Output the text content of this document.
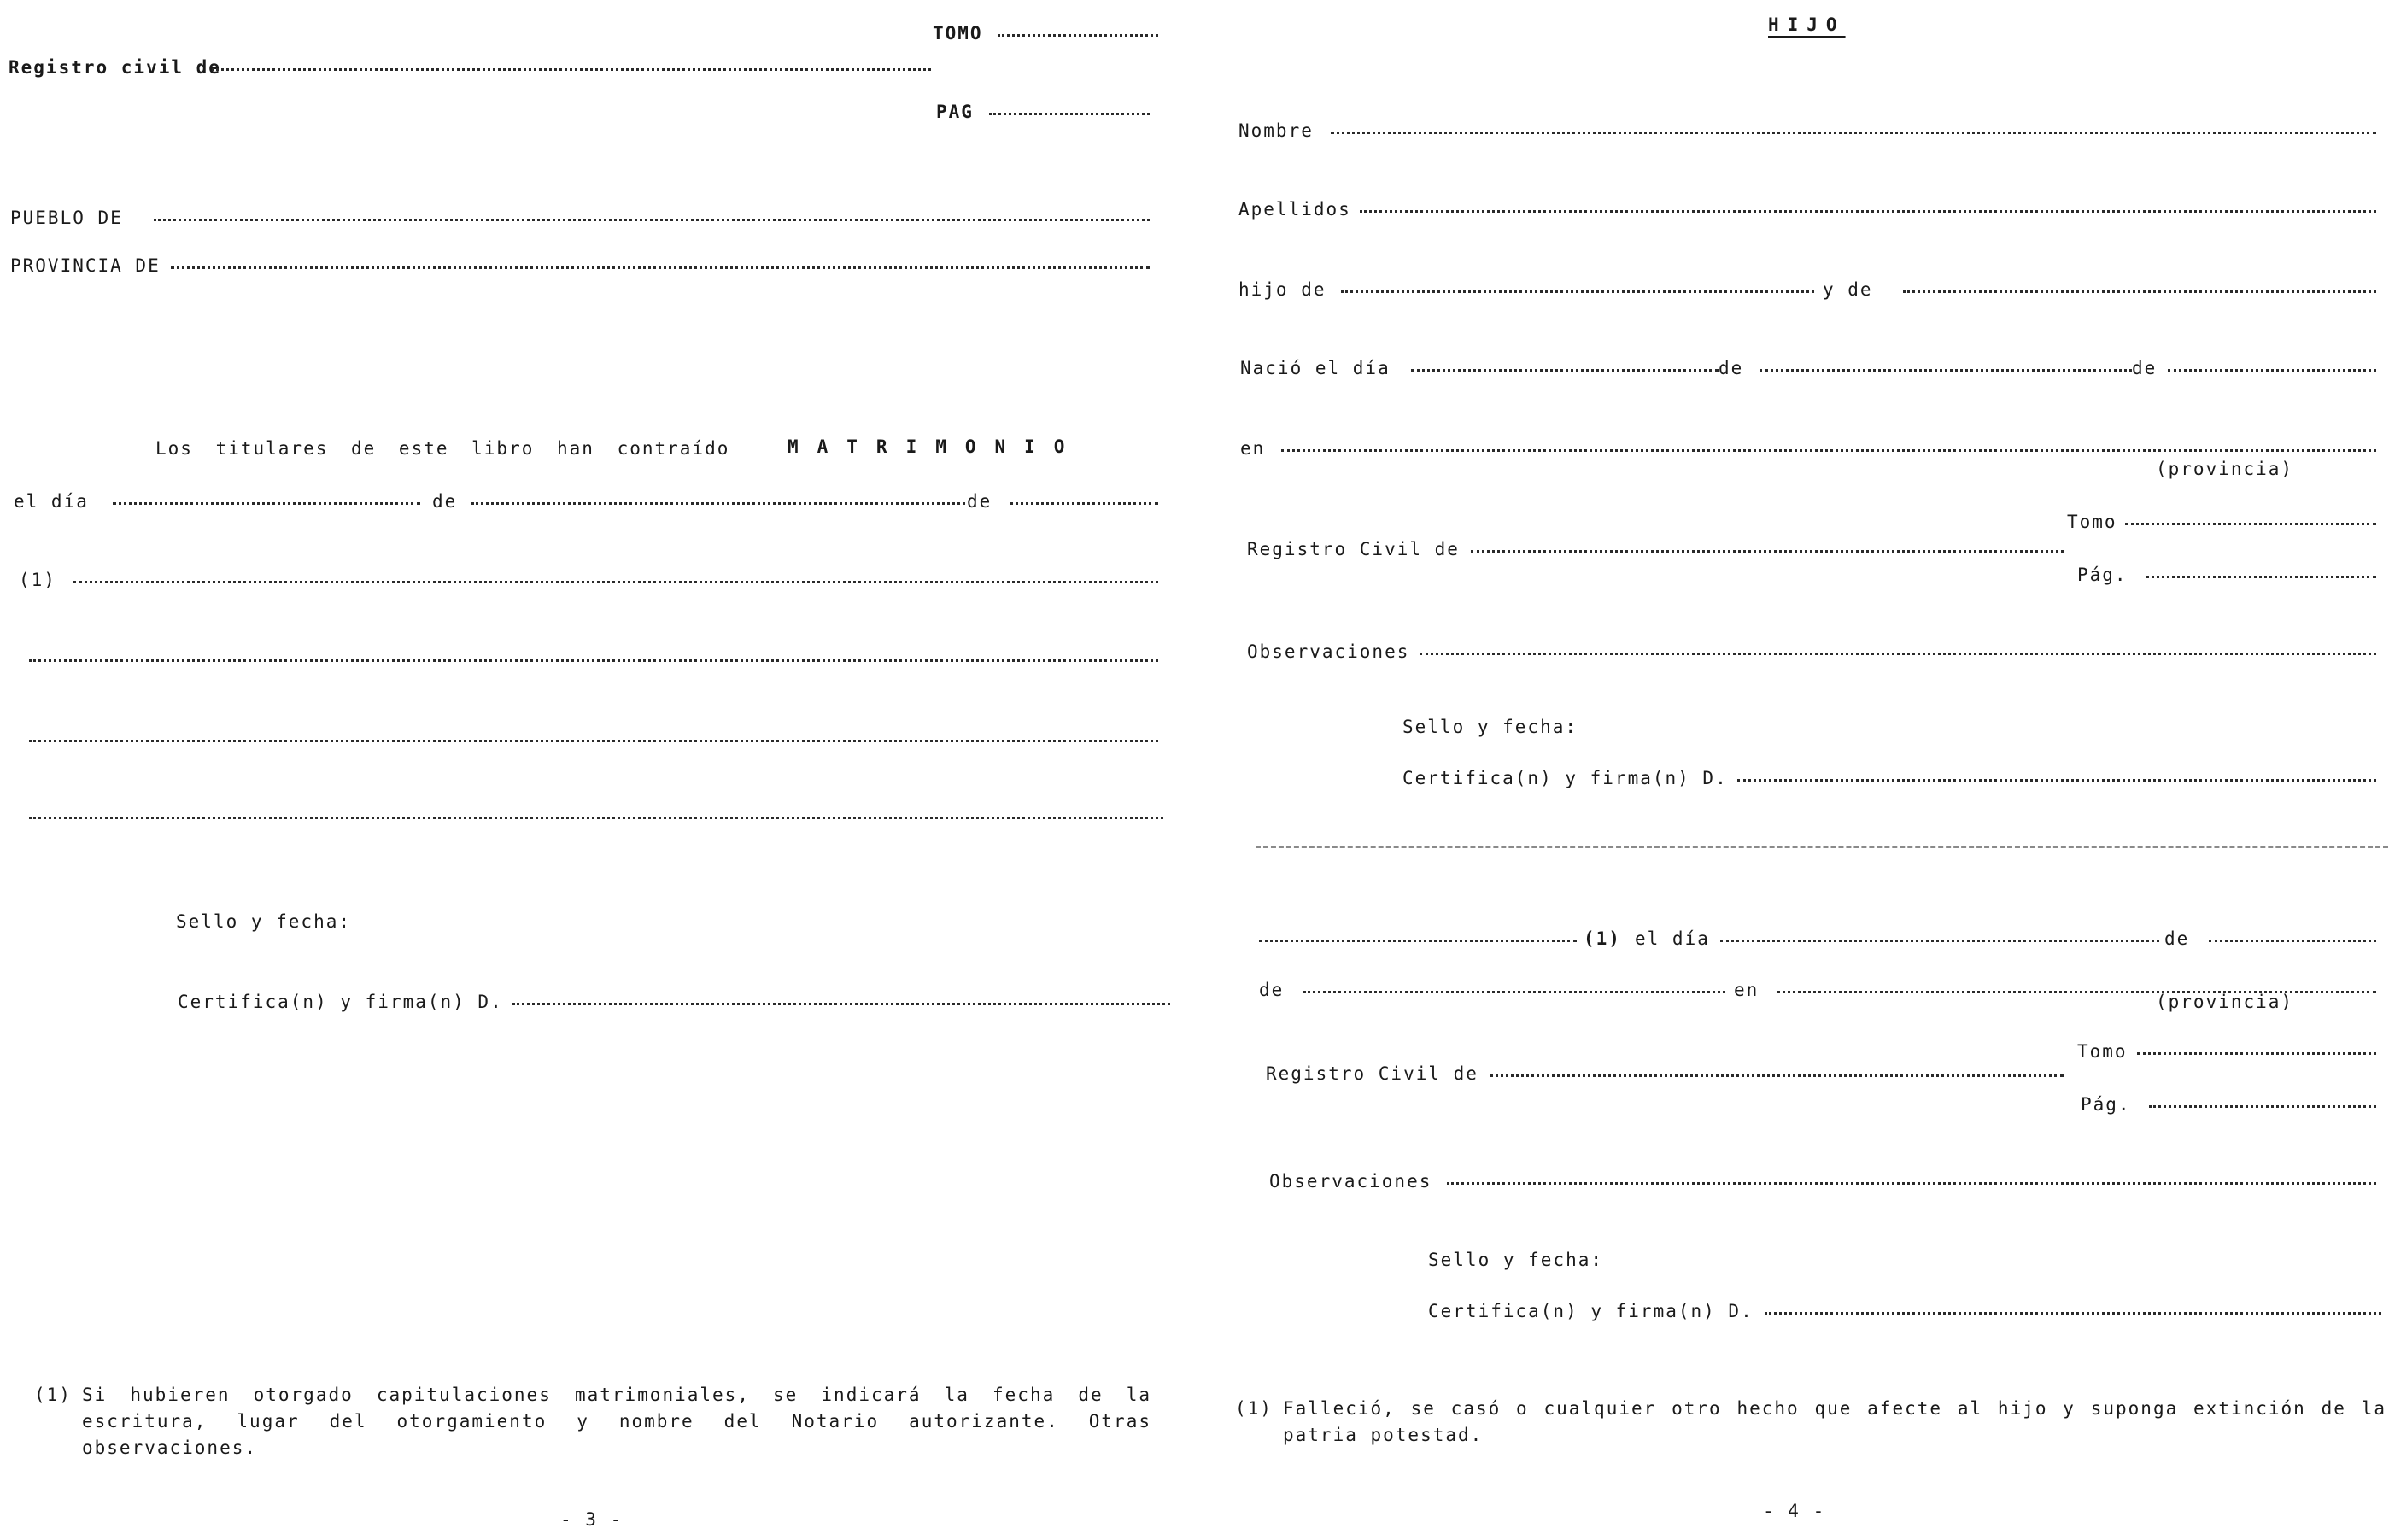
TOMO
Registro civil de
PAG
PUEBLO DE
PROVINCIA DE
Los titulares de este libro han contraído	MATRIMONIO
el día	de	de
(1)
Sello y fecha:
Certifica(n) y firma(n) D.
(1) Si hubieren otorgado capitulaciones matrimoniales, se indicará la fecha de la escritura, lugar del otorgamiento y nombre del Notario autorizante. Otras observaciones.
- 3 -
HIJO
Nombre
Apellidos
hijo de	y de
Nació el día	de	de
en
(provincia)
Tomo
Registro Civil de
Pág.
Observaciones
Sello y fecha:
Certifica(n) y firma(n) D.
(1) el día	de
de	en
(provincia)
Tomo
Registro Civil de
Pág.
Observaciones
Sello y fecha:
Certifica(n) y firma(n) D.
(1) Falleció, se casó o cualquier otro hecho que afecte al hijo y suponga extinción de la patria potestad.
- 4 -
